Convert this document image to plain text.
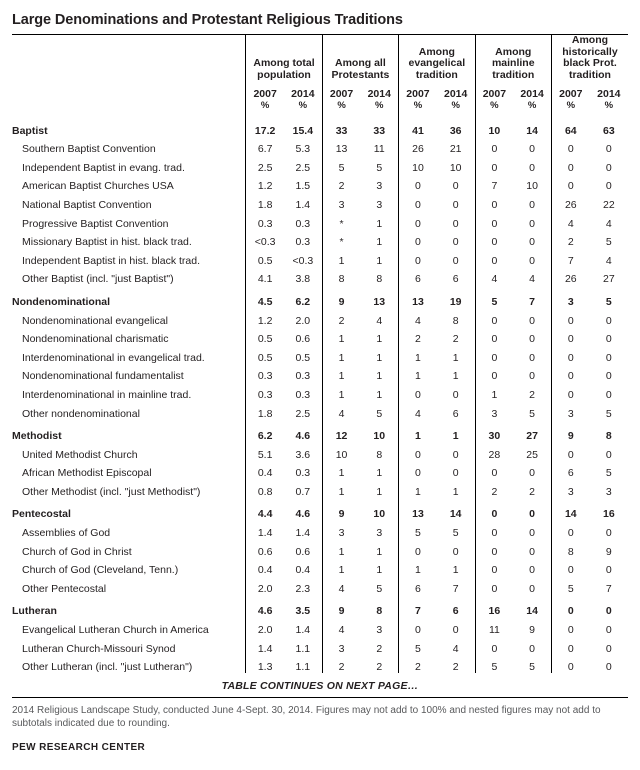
Large Denominations and Protestant Religious Traditions
	Among total population		Among all Protestants		Among evangelical tradition		Among mainline tradition		Among historically black Prot. tradition	
	2007	2014	2007	2014	2007	2014	2007	2014	2007	2014
	%	%	%	%	%	%	%	%	%	%
Baptist	17.2	15.4	33	33	41	36	10	14	64	63
Southern Baptist Convention	6.7	5.3	13	11	26	21	0	0	0	0
Independent Baptist in evang. trad.	2.5	2.5	5	5	10	10	0	0	0	0
American Baptist Churches USA	1.2	1.5	2	3	0	0	7	10	0	0
National Baptist Convention	1.8	1.4	3	3	0	0	0	0	26	22
Progressive Baptist Convention	0.3	0.3	*	1	0	0	0	0	4	4
Missionary Baptist in hist. black trad.	<0.3	0.3	*	1	0	0	0	0	2	5
Independent Baptist in hist. black trad.	0.5	<0.3	1	1	0	0	0	0	7	4
Other Baptist (incl. "just Baptist")	4.1	3.8	8	8	6	6	4	4	26	27
Nondenominational	4.5	6.2	9	13	13	19	5	7	3	5
Nondenominational evangelical	1.2	2.0	2	4	4	8	0	0	0	0
Nondenominational charismatic	0.5	0.6	1	1	2	2	0	0	0	0
Interdenominational in evangelical trad.	0.5	0.5	1	1	1	1	0	0	0	0
Nondenominational fundamentalist	0.3	0.3	1	1	1	1	0	0	0	0
Interdenominational in mainline trad.	0.3	0.3	1	1	0	0	1	2	0	0
Other nondenominational	1.8	2.5	4	5	4	6	3	5	3	5
Methodist	6.2	4.6	12	10	1	1	30	27	9	8
United Methodist Church	5.1	3.6	10	8	0	0	28	25	0	0
African Methodist Episcopal	0.4	0.3	1	1	0	0	0	0	6	5
Other Methodist (incl. "just Methodist")	0.8	0.7	1	1	1	1	2	2	3	3
Pentecostal	4.4	4.6	9	10	13	14	0	0	14	16
Assemblies of God	1.4	1.4	3	3	5	5	0	0	0	0
Church of God in Christ	0.6	0.6	1	1	0	0	0	0	8	9
Church of God (Cleveland, Tenn.)	0.4	0.4	1	1	1	1	0	0	0	0
Other Pentecostal	2.0	2.3	4	5	6	7	0	0	5	7
Lutheran	4.6	3.5	9	8	7	6	16	14	0	0
Evangelical Lutheran Church in America	2.0	1.4	4	3	0	0	11	9	0	0
Lutheran Church-Missouri Synod	1.4	1.1	3	2	5	4	0	0	0	0
Other Lutheran (incl. "just Lutheran")	1.3	1.1	2	2	2	2	5	5	0	0
TABLE CONTINUES ON NEXT PAGE…
2014 Religious Landscape Study, conducted June 4-Sept. 30, 2014. Figures may not add to 100% and nested figures may not add to subtotals indicated due to rounding.
PEW RESEARCH CENTER
